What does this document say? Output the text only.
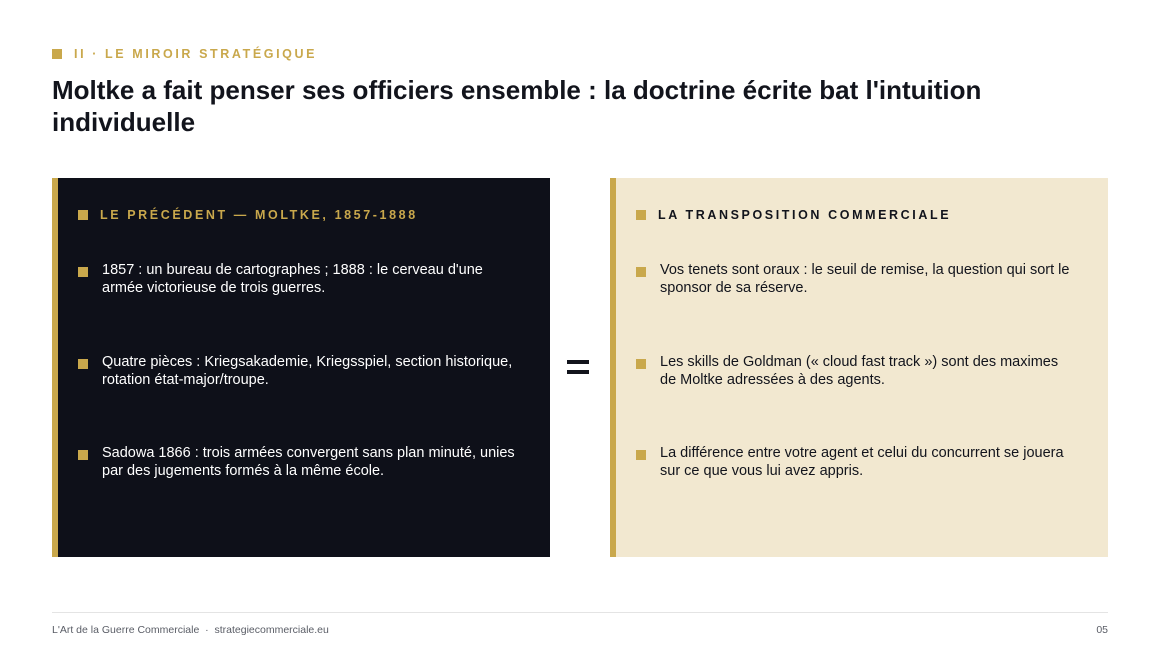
II · LE MIROIR STRATÉGIQUE
Moltke a fait penser ses officiers ensemble : la doctrine écrite bat l'intuition individuelle
LE PRÉCÉDENT — MOLTKE, 1857-1888
1857 : un bureau de cartographes ; 1888 : le cerveau d'une armée victorieuse de trois guerres.
Quatre pièces : Kriegsakademie, Kriegsspiel, section historique, rotation état-major/troupe.
Sadowa 1866 : trois armées convergent sans plan minuté, unies par des jugements formés à la même école.
LA TRANSPOSITION COMMERCIALE
Vos tenets sont oraux : le seuil de remise, la question qui sort le sponsor de sa réserve.
Les skills de Goldman (« cloud fast track ») sont des maximes de Moltke adressées à des agents.
La différence entre votre agent et celui du concurrent se jouera sur ce que vous lui avez appris.
L'Art de la Guerre Commerciale  ·  strategiecommerciale.eu	05
